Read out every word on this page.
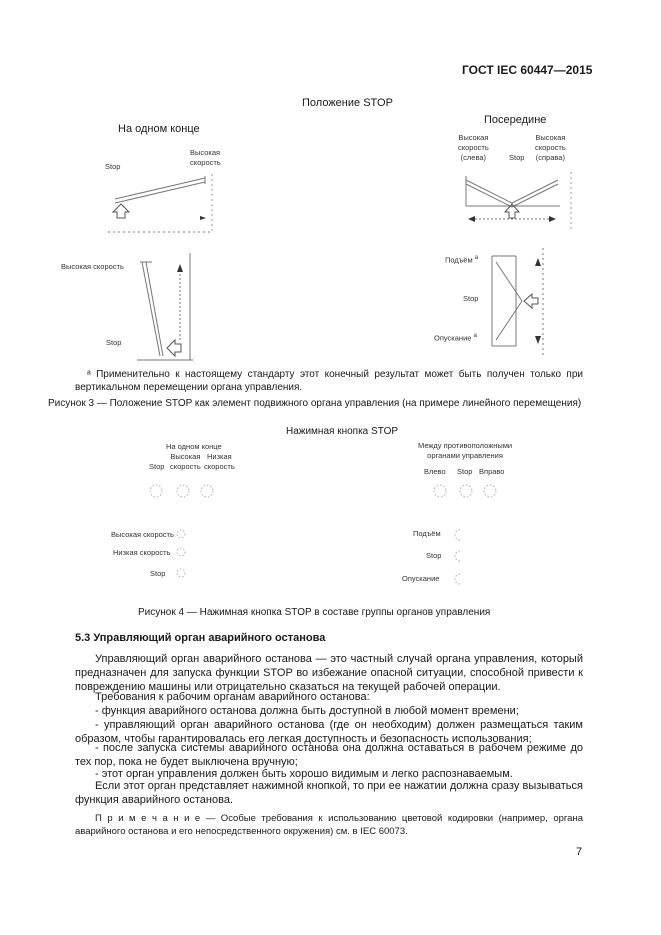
ГОСТ IEC 60447—2015
Положение STOP
На одном конце
Посередине
Stop
Высокая
скорость
Высокая скорость
Stop
Высокая
скорость
(слева)	Stop
Высокая
скорость
(справа)
Подъём $^a$
Stop
Опускание $^a$
ᵃ Применительно к настоящему стандарту этот конечный результат может быть получен только при вертикальном перемещении органа управления.
Рисунок 3 — Положение STOP как элемент подвижного органа управления (на примере линейного перемещения)
Нажимная кнопка STOP
На одном конце
Stop
Высокая
скорость
Низкая
скорость
Между противоположными
органами управления
Влево Stop Вправо
Высокая скорость
Низкая скорость
Stop
Подъём
Stop
Опускание
Рисунок 4 — Нажимная кнопка STOP в составе группы органов управления
5.3 Управляющий орган аварийного останова
Управляющий орган аварийного останова — это частный случай органа управления, который предназначен для запуска функции STOP во избежание опасной ситуации, способной привести к повреждению машины или отрицательно сказаться на текущей рабочей операции.
Требования к рабочим органам аварийного останова:
- функция аварийного останова должна быть доступной в любой момент времени;
- управляющий орган аварийного останова (где он необходим) должен размещаться таким образом, чтобы гарантировалась его легкая доступность и безопасность использования;
- после запуска системы аварийного останова она должна оставаться в рабочем режиме до тех пор, пока не будет выключена вручную;
- этот орган управления должен быть хорошо видимым и легко распознаваемым.
Если этот орган представляет нажимной кнопкой, то при ее нажатии должна сразу вызываться функция аварийного останова.
П р и м е ч а н и е — Особые требования к использованию цветовой кодировки (например, органа аварийного останова и его непосредственного окружения) см. в IEC 60073.
7
